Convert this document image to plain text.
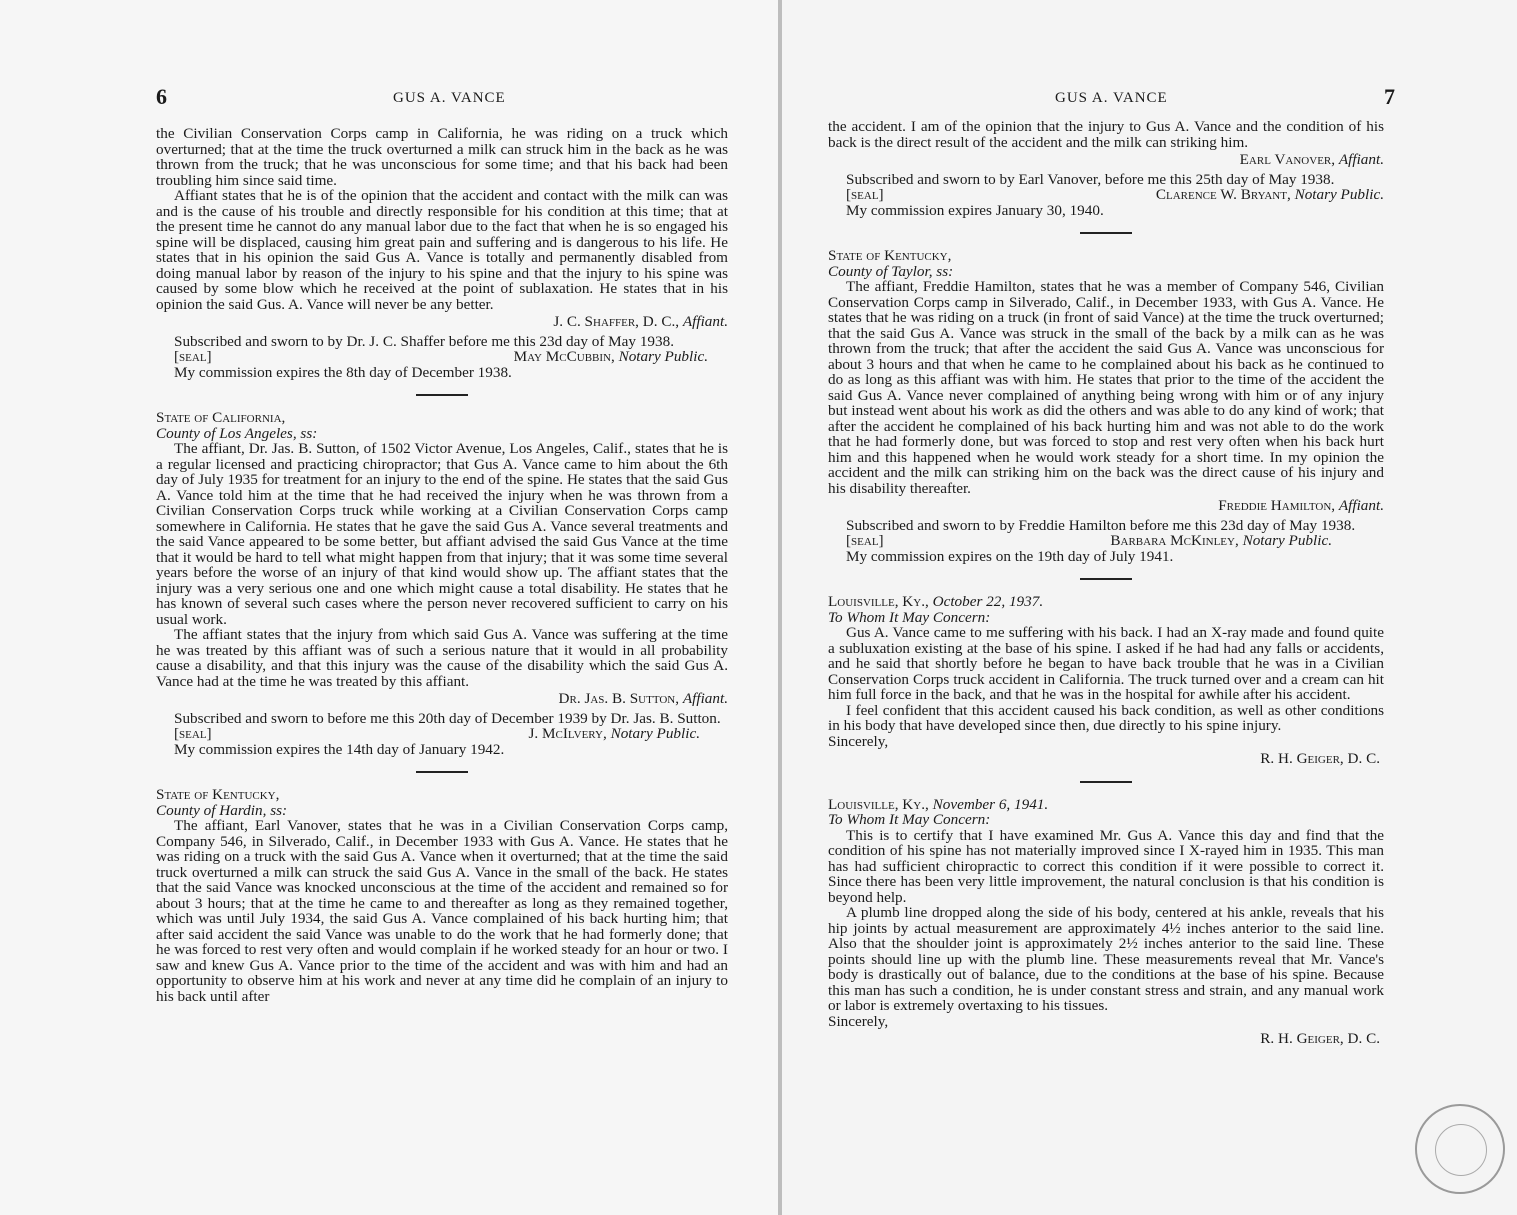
6	GUS A. VANCE

the Civilian Conservation Corps camp in California, he was riding on a truck which overturned; that at the time the truck overturned a milk can struck him in the back as he was thrown from the truck; that he was unconscious for some time; and that his back had been troubling him since said time.

Affiant states that he is of the opinion that the accident and contact with the milk can was and is the cause of his trouble and directly responsible for his condition at this time; that at the present time he cannot do any manual labor due to the fact that when he is so engaged his spine will be displaced, causing him great pain and suffering and is dangerous to his life. He states that in his opinion the said Gus A. Vance is totally and permanently disabled from doing manual labor by reason of the injury to his spine and that the injury to his spine was caused by some blow which he received at the point of sublaxation. He states that in his opinion the said Gus. A. Vance will never be any better.

J. C. Shaffer, D. C., Affiant.

Subscribed and sworn to by Dr. J. C. Shaffer before me this 23d day of May 1938.

[seal]	May McCubbin, Notary Public.

My commission expires the 8th day of December 1938.

State of California,

County of Los Angeles, ss:

The affiant, Dr. Jas. B. Sutton, of 1502 Victor Avenue, Los Angeles, Calif., states that he is a regular licensed and practicing chiropractor; that Gus A. Vance came to him about the 6th day of July 1935 for treatment for an injury to the end of the spine. He states that the said Gus A. Vance told him at the time that he had received the injury when he was thrown from a Civilian Conservation Corps truck while working at a Civilian Conservation Corps camp somewhere in California. He states that he gave the said Gus A. Vance several treatments and the said Vance appeared to be some better, but affiant advised the said Gus Vance at the time that it would be hard to tell what might happen from that injury; that it was some time several years before the worse of an injury of that kind would show up. The affiant states that the injury was a very serious one and one which might cause a total disability. He states that he has known of several such cases where the person never recovered sufficient to carry on his usual work.

The affiant states that the injury from which said Gus A. Vance was suffering at the time he was treated by this affiant was of such a serious nature that it would in all probability cause a disability, and that this injury was the cause of the disability which the said Gus A. Vance had at the time he was treated by this affiant.

Dr. Jas. B. Sutton, Affiant.

Subscribed and sworn to before me this 20th day of December 1939 by Dr. Jas. B. Sutton.

[seal]	J. McIlvery, Notary Public.

My commission expires the 14th day of January 1942.

State of Kentucky,

County of Hardin, ss:

The affiant, Earl Vanover, states that he was in a Civilian Conservation Corps camp, Company 546, in Silverado, Calif., in December 1933 with Gus A. Vance. He states that he was riding on a truck with the said Gus A. Vance when it overturned; that at the time the said truck overturned a milk can struck the said Gus A. Vance in the small of the back. He states that the said Vance was knocked unconscious at the time of the accident and remained so for about 3 hours; that at the time he came to and thereafter as long as they remained together, which was until July 1934, the said Gus A. Vance complained of his back hurting him; that after said accident the said Vance was unable to do the work that he had formerly done; that he was forced to rest very often and would complain if he worked steady for an hour or two. I saw and knew Gus A. Vance prior to the time of the accident and was with him and had an opportunity to observe him at his work and never at any time did he complain of an injury to his back until after

GUS A. VANCE	7

the accident. I am of the opinion that the injury to Gus A. Vance and the condition of his back is the direct result of the accident and the milk can striking him.

Earl Vanover, Affiant.

Subscribed and sworn to by Earl Vanover, before me this 25th day of May 1938.

[seal]	Clarence W. Bryant, Notary Public.

My commission expires January 30, 1940.

State of Kentucky,

County of Taylor, ss:

The affiant, Freddie Hamilton, states that he was a member of Company 546, Civilian Conservation Corps camp in Silverado, Calif., in December 1933, with Gus A. Vance. He states that he was riding on a truck (in front of said Vance) at the time the truck overturned; that the said Gus A. Vance was struck in the small of the back by a milk can as he was thrown from the truck; that after the accident the said Gus A. Vance was unconscious for about 3 hours and that when he came to he complained about his back as he continued to do as long as this affiant was with him. He states that prior to the time of the accident the said Gus A. Vance never complained of anything being wrong with him or of any injury but instead went about his work as did the others and was able to do any kind of work; that after the accident he complained of his back hurting him and was not able to do the work that he had formerly done, but was forced to stop and rest very often when his back hurt him and this happened when he would work steady for a short time. In my opinion the accident and the milk can striking him on the back was the direct cause of his injury and his disability thereafter.

Freddie Hamilton, Affiant.

Subscribed and sworn to by Freddie Hamilton before me this 23d day of May 1938.

[seal]	Barbara McKinley, Notary Public.

My commission expires on the 19th day of July 1941.

Louisville, Ky., October 22, 1937.

To Whom It May Concern:

Gus A. Vance came to me suffering with his back. I had an X-ray made and found quite a subluxation existing at the base of his spine. I asked if he had had any falls or accidents, and he said that shortly before he began to have back trouble that he was in a Civilian Conservation Corps truck accident in California. The truck turned over and a cream can hit him full force in the back, and that he was in the hospital for awhile after his accident.

I feel confident that this accident caused his back condition, as well as other conditions in his body that have developed since then, due directly to his spine injury.

Sincerely,

R. H. Geiger, D. C.

Louisville, Ky., November 6, 1941.

To Whom It May Concern:

This is to certify that I have examined Mr. Gus A. Vance this day and find that the condition of his spine has not materially improved since I X-rayed him in 1935. This man has had sufficient chiropractic to correct this condition if it were possible to correct it. Since there has been very little improvement, the natural conclusion is that his condition is beyond help.

A plumb line dropped along the side of his body, centered at his ankle, reveals that his hip joints by actual measurement are approximately 4½ inches anterior to the said line. Also that the shoulder joint is approximately 2½ inches anterior to the said line. These points should line up with the plumb line. These measurements reveal that Mr. Vance's body is drastically out of balance, due to the conditions at the base of his spine. Because this man has such a condition, he is under constant stress and strain, and any manual work or labor is extremely overtaxing to his tissues.

Sincerely,

R. H. Geiger, D. C.
